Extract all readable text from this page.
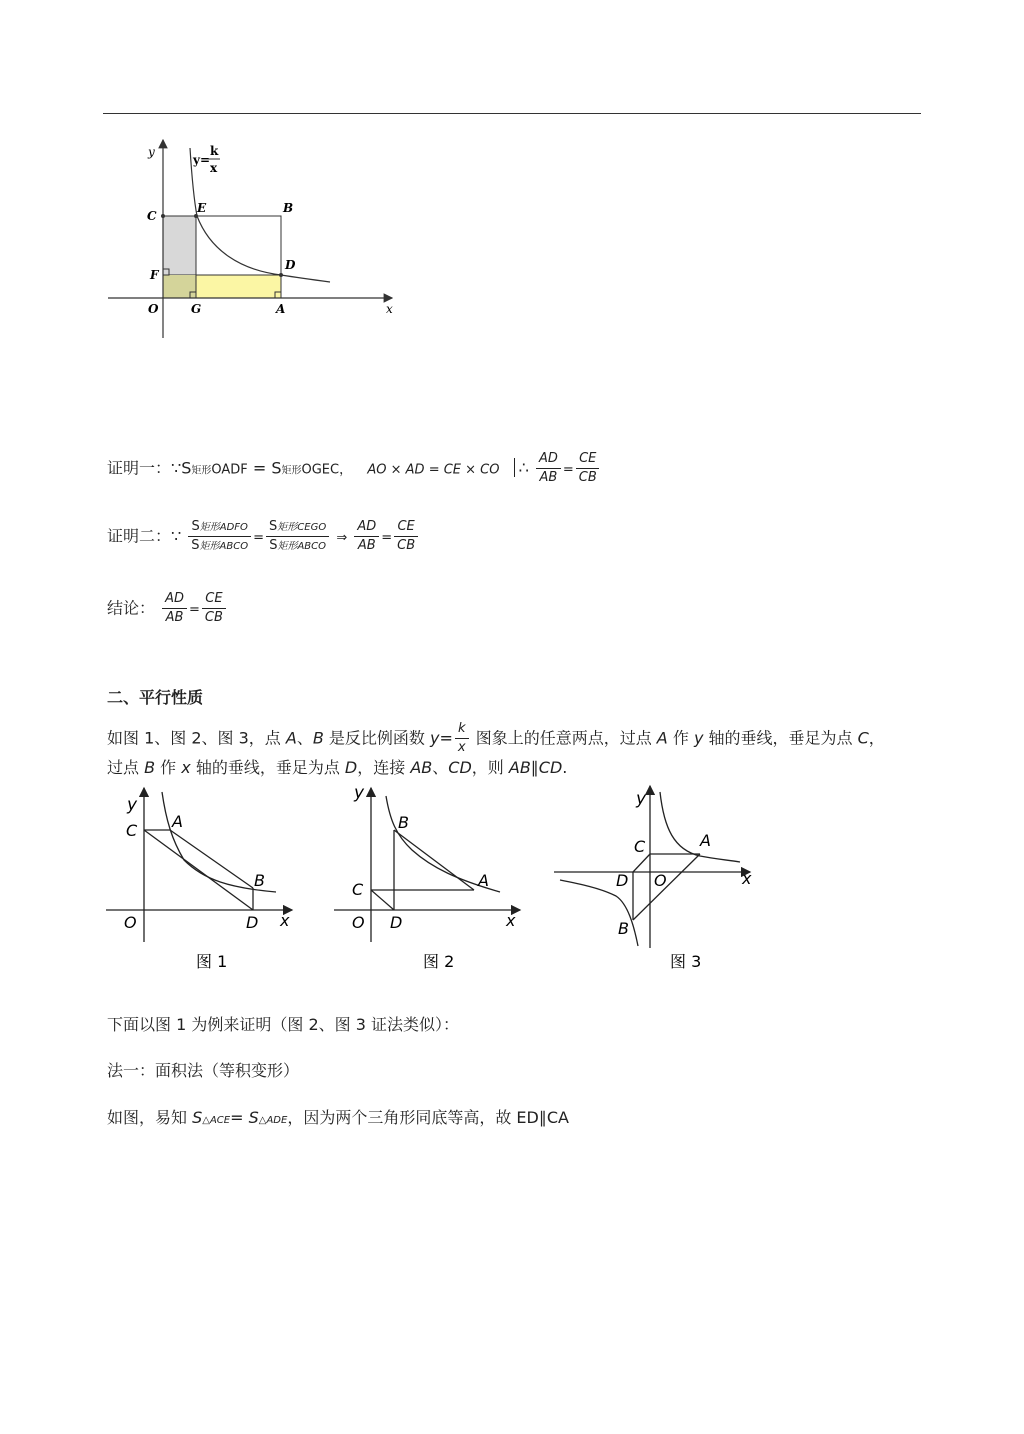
y
y=
k
x
C
E	B
F
D
O	G	A	x
证明一：∵S矩形OADF = S矩形OGEC， AO × AD = CE × CO ∴ $\frac{AD}{AB} = \frac{CE}{CB}$
证明二：∵ $\frac{\text{S矩形ADFO}}{\text{S矩形ABCO}} = \frac{\text{S矩形CEGO}}{\text{S矩形ABCO}}$ ⇒ $\frac{AD}{AB} = \frac{CE}{CB}$
结论： $\frac{AD}{AB} = \frac{CE}{CB}$
二、平行性质
如图 1、图 2、图 3，点 A、B 是反比例函数 $y= \frac{k}{x}$ 图象上的任意两点，过点 A 作 y 轴的垂线，垂足为点 C，
过点 B 作 x 轴的垂线，垂足为点 D，连接 AB、CD，则 AB∥CD.
y
C A
B
O	D x
图 1
y
B
A
C
O D	x
图 2
y
C	A
D O
B
x
图 3
下面以图 1 为例来证明（图 2、图 3 证法类似）：
法一：面积法（等积变形）
如图，易知 S△ACE= S△ADE，因为两个三角形同底等高，故 ED∥CA
